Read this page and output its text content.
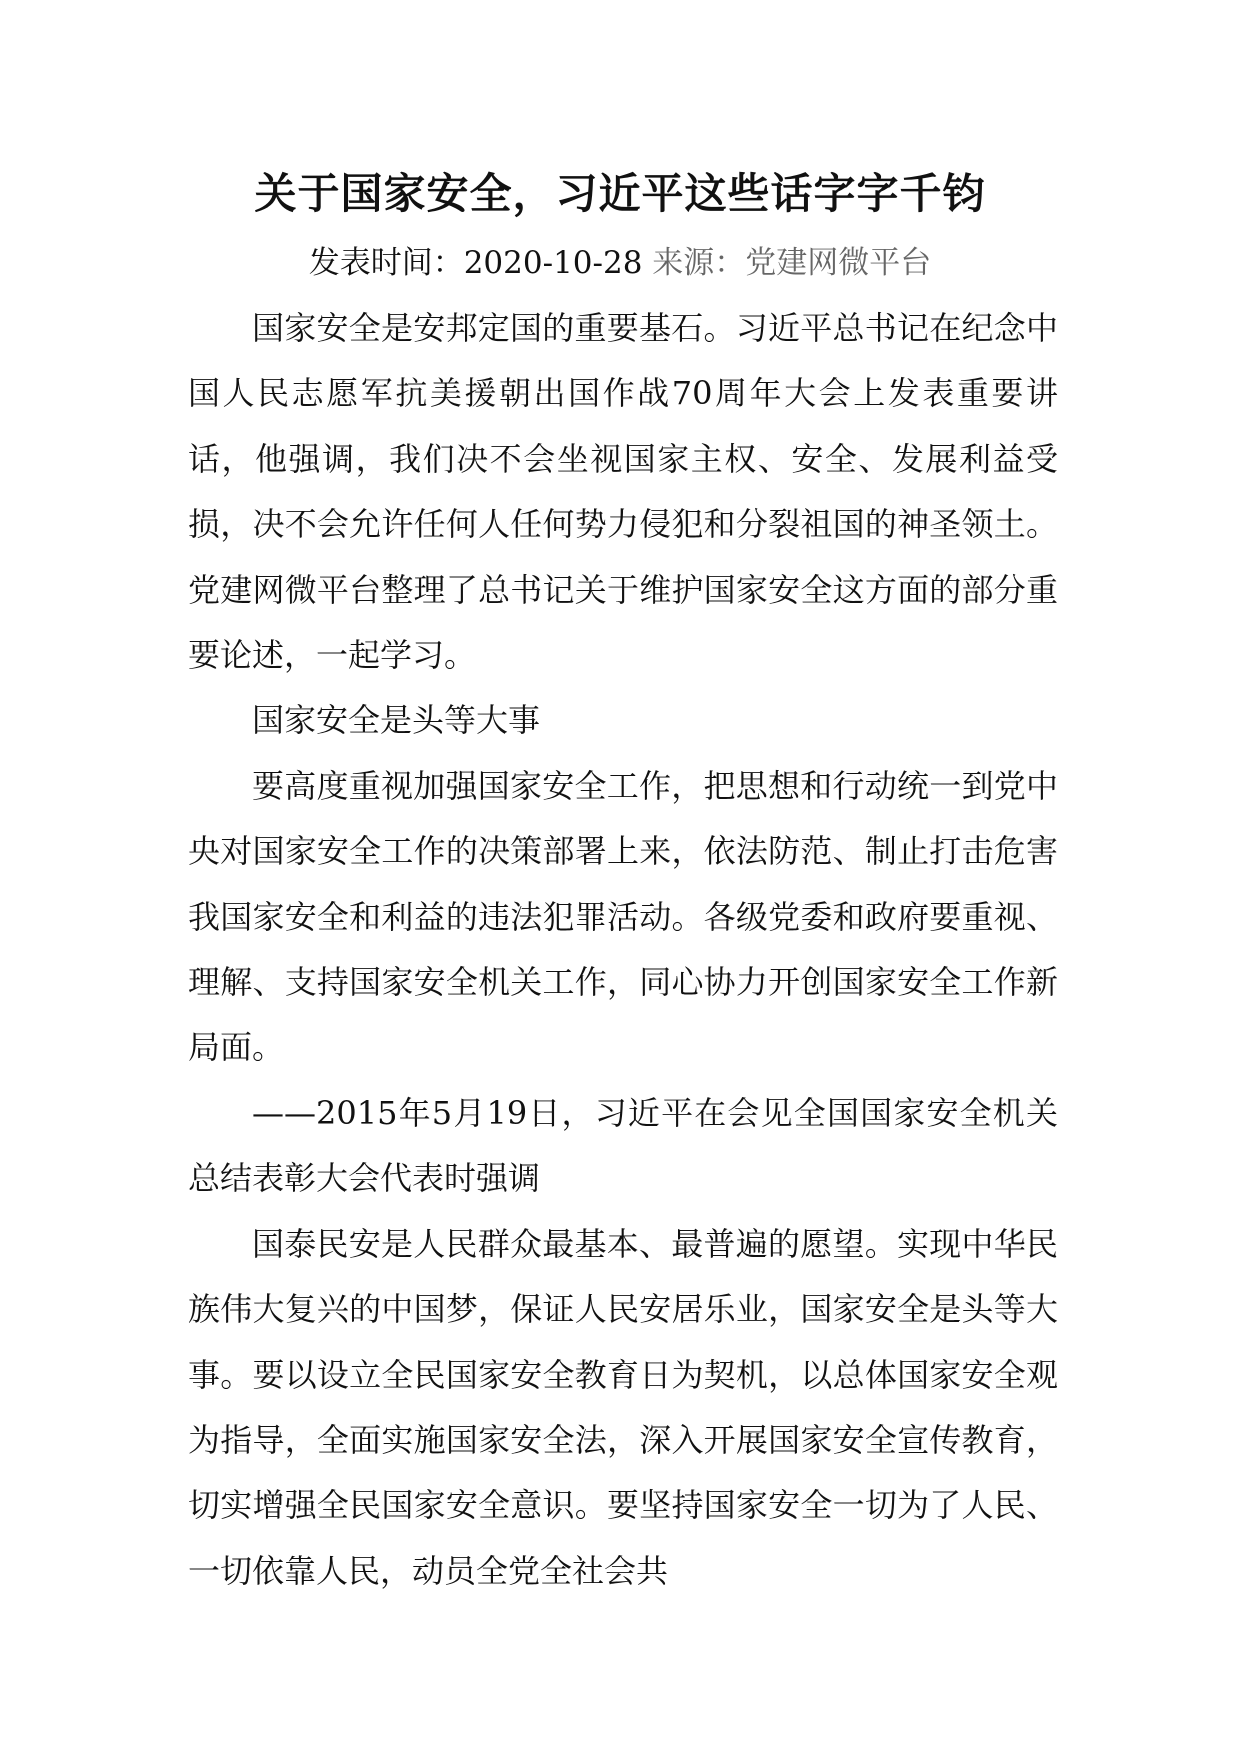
关于国家安全，习近平这些话字字千钧
发表时间：2020-10-28 来源：党建网微平台

国家安全是安邦定国的重要基石。习近平总书记在纪念中国人民志愿军抗美援朝出国作战70周年大会上发表重要讲话，他强调，我们决不会坐视国家主权、安全、发展利益受损，决不会允许任何人任何势力侵犯和分裂祖国的神圣领土。党建网微平台整理了总书记关于维护国家安全这方面的部分重要论述，一起学习。

国家安全是头等大事

要高度重视加强国家安全工作，把思想和行动统一到党中央对国家安全工作的决策部署上来，依法防范、制止打击危害我国家安全和利益的违法犯罪活动。各级党委和政府要重视、理解、支持国家安全机关工作，同心协力开创国家安全工作新局面。

——2015年5月19日，习近平在会见全国国家安全机关总结表彰大会代表时强调

国泰民安是人民群众最基本、最普遍的愿望。实现中华民族伟大复兴的中国梦，保证人民安居乐业，国家安全是头等大事。要以设立全民国家安全教育日为契机，以总体国家安全观为指导，全面实施国家安全法，深入开展国家安全宣传教育，切实增强全民国家安全意识。要坚持国家安全一切为了人民、一切依靠人民，动员全党全社会共
